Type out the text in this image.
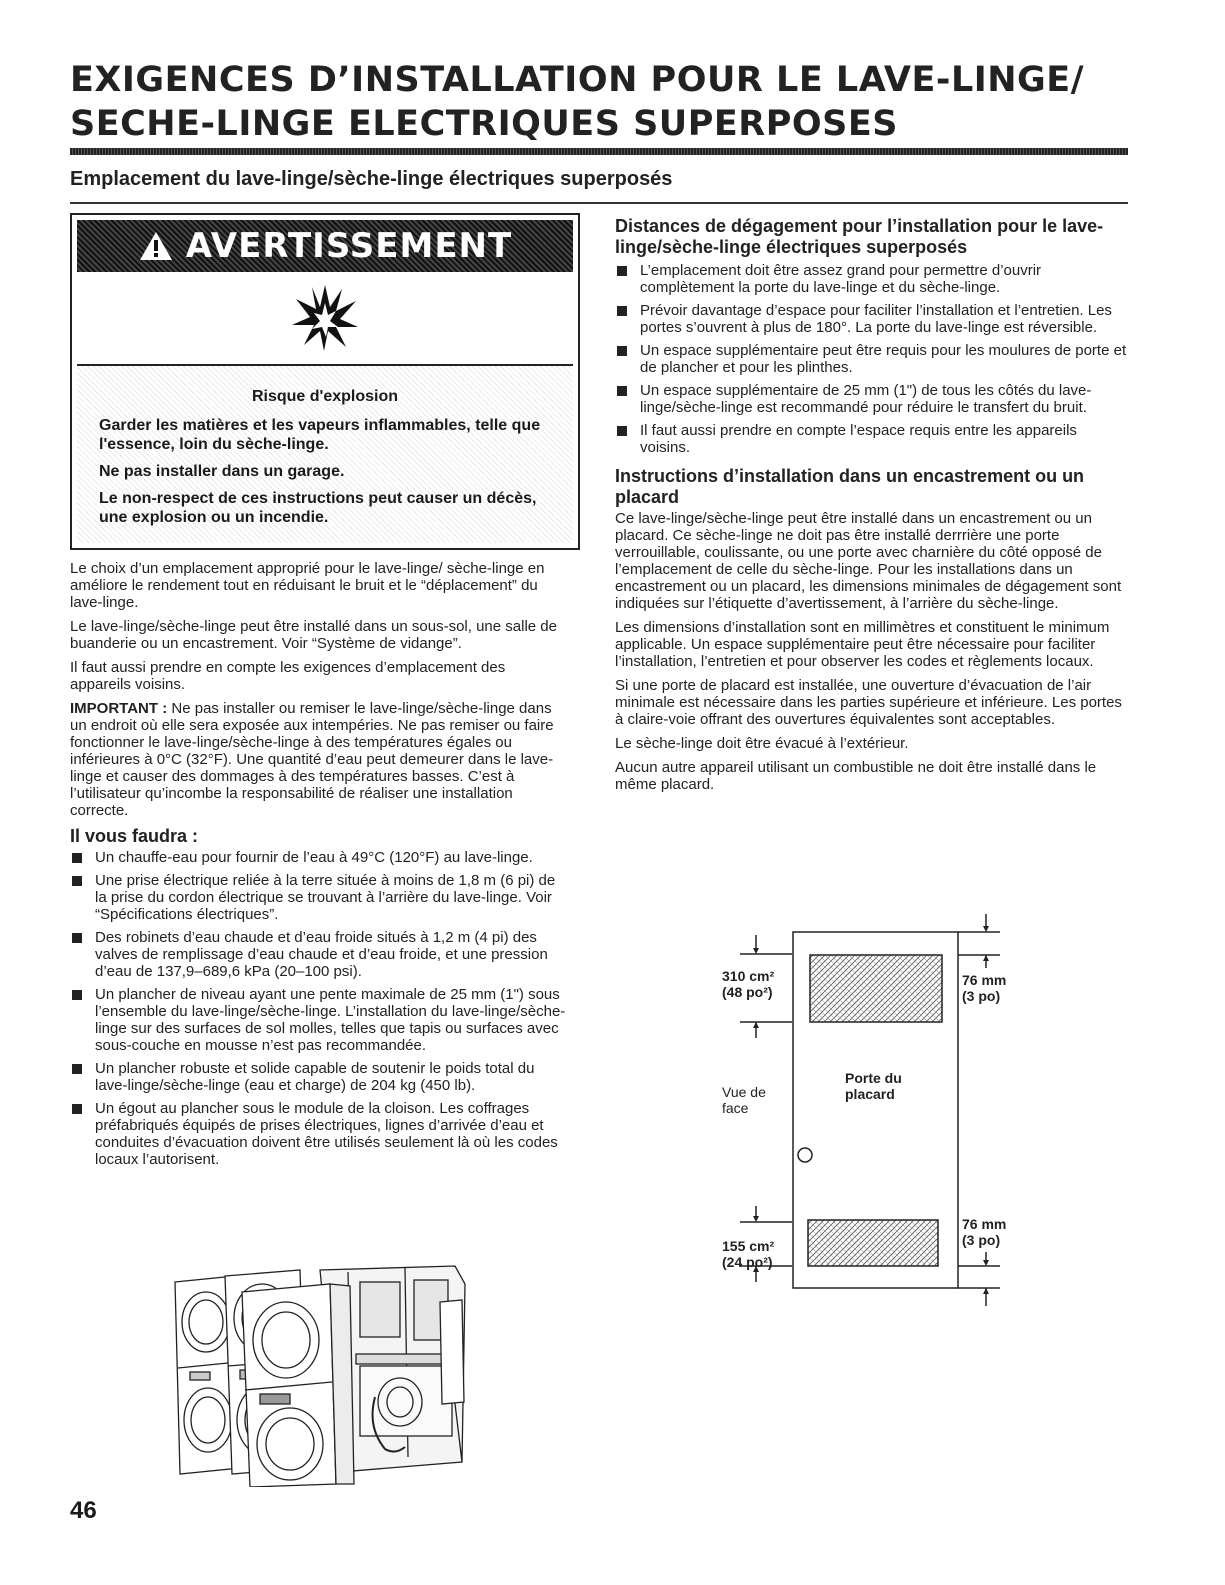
EXIGENCES D’INSTALLATION POUR LE LAVE-LINGE/
SECHE-LINGE ELECTRIQUES SUPERPOSES
Emplacement du lave-linge/sèche-linge électriques superposés
AVERTISSEMENT
Risque d'explosion

Garder les matières et les vapeurs inflammables, telle que l'essence, loin du sèche-linge.

Ne pas installer dans un garage.

Le non-respect de ces instructions peut causer un décès, une explosion ou un incendie.

Le choix d’un emplacement approprié pour le lave-linge/ sèche-linge en améliore le rendement tout en réduisant le bruit et le “déplacement” du lave-linge.

Le lave-linge/sèche-linge peut être installé dans un sous-sol, une salle de buanderie ou un encastrement. Voir “Système de vidange”.

Il faut aussi prendre en compte les exigences d’emplacement des appareils voisins.

IMPORTANT : Ne pas installer ou remiser le lave-linge/sèche-linge dans un endroit où elle sera exposée aux intempéries. Ne pas remiser ou faire fonctionner le lave-linge/sèche-linge à des températures égales ou inférieures à 0°C (32°F). Une quantité d’eau peut demeurer dans le lave-linge et causer des dommages à des températures basses. C’est à l’utilisateur qu’incombe la responsabilité de réaliser une installation correcte.

Il vous faudra :
Un chauffe-eau pour fournir de l’eau à 49°C (120°F) au lave-linge.
Une prise électrique reliée à la terre située à moins de 1,8 m (6 pi) de la prise du cordon électrique se trouvant à l’arrière du lave-linge. Voir “Spécifications électriques”.
Des robinets d’eau chaude et d’eau froide situés à 1,2 m (4 pi) des valves de remplissage d’eau chaude et d’eau froide, et une pression d’eau de 137,9–689,6 kPa (20–100 psi).
Un plancher de niveau ayant une pente maximale de 25 mm (1") sous l’ensemble du lave-linge/sèche-linge. L’installation du lave-linge/sèche-linge sur des surfaces de sol molles, telles que tapis ou surfaces avec sous-couche en mousse n’est pas recommandée.
Un plancher robuste et solide capable de soutenir le poids total du lave-linge/sèche-linge (eau et charge) de 204 kg (450 lb).
Un égout au plancher sous le module de la cloison. Les coffrages préfabriqués équipés de prises électriques, lignes d’arrivée d’eau et conduites d’évacuation doivent être utilisés seulement là où les codes locaux l’autorisent.
Distances de dégagement pour l’installation pour le lave-linge/sèche-linge électriques superposés
L’emplacement doit être assez grand pour permettre d’ouvrir complètement la porte du lave-linge et du sèche-linge.
Prévoir davantage d’espace pour faciliter l’installation et l’entretien. Les portes s’ouvrent à plus de 180°. La porte du lave-linge est réversible.
Un espace supplémentaire peut être requis pour les moulures de porte et de plancher et pour les plinthes.
Un espace supplémentaire de 25 mm (1") de tous les côtés du lave-linge/sèche-linge est recommandé pour réduire le transfert du bruit.
Il faut aussi prendre en compte l’espace requis entre les appareils voisins.
Instructions d’installation dans un encastrement ou un placard

Ce lave-linge/sèche-linge peut être installé dans un encastrement ou un placard. Ce sèche-linge ne doit pas être installé derrrière une porte verrouillable, coulissante, ou une porte avec charnière du côté opposé de l’emplacement de celle du sèche-linge. Pour les installations dans un encastrement ou un placard, les dimensions minimales de dégagement sont indiquées sur l’étiquette d’avertissement, à l’arrière du sèche-linge.

Les dimensions d’installation sont en millimètres et constituent le minimum applicable. Un espace supplémentaire peut être nécessaire pour faciliter l’installation, l’entretien et pour observer les codes et règlements locaux.

Si une porte de placard est installée, une ouverture d’évacuation de l’air minimale est nécessaire dans les parties supérieure et inférieure. Les portes à claire-voie offrant des ouvertures équivalentes sont acceptables.

Le sèche-linge doit être évacué à l’extérieur.

Aucun autre appareil utilisant un combustible ne doit être installé dans le même placard.

310 cm²
(48 po²)
76 mm
(3 po)
Porte du
placard
Vue de
face
155 cm²
(24 po²)
76 mm
(3 po)
46
